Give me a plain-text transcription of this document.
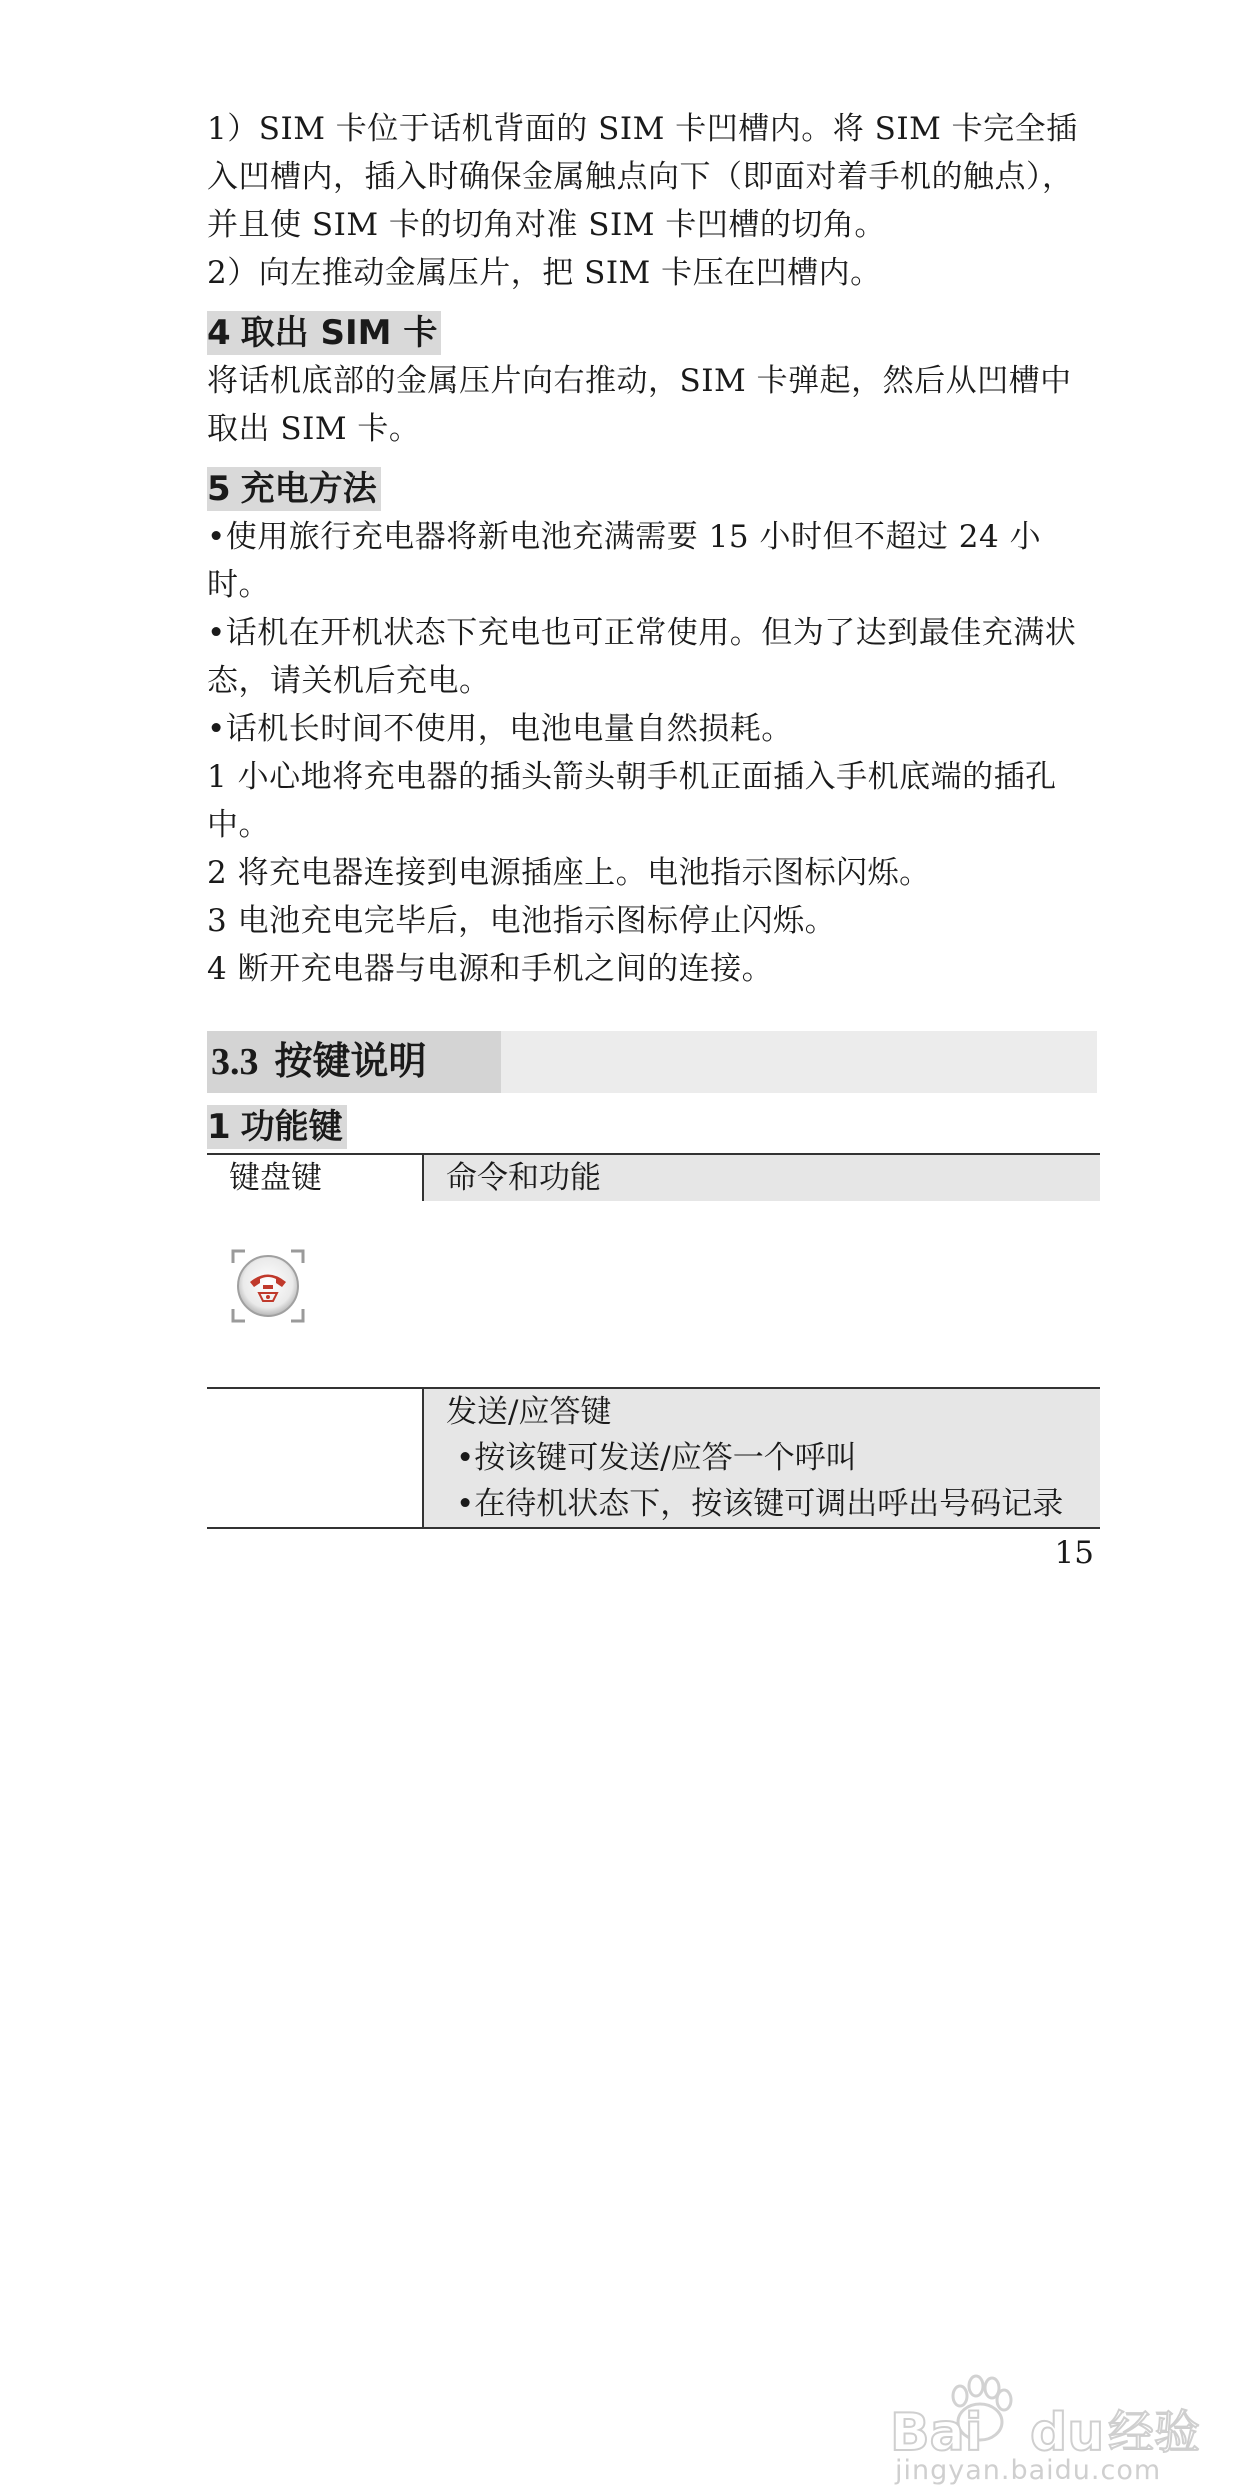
1）SIM 卡位于话机背面的 SIM 卡凹槽内。将 SIM 卡完全插入凹槽内，插入时确保金属触点向下（即面对着手机的触点），并且使 SIM 卡的切角对准 SIM 卡凹槽的切角。

2）向左推动金属压片，把 SIM 卡压在凹槽内。

4 取出 SIM 卡

将话机底部的金属压片向右推动，SIM 卡弹起，然后从凹槽中取出 SIM 卡。

5 充电方法

•使用旅行充电器将新电池充满需要 15 小时但不超过 24 小时。

•话机在开机状态下充电也可正常使用。但为了达到最佳充满状态，请关机后充电。

•话机长时间不使用，电池电量自然损耗。

1 小心地将充电器的插头箭头朝手机正面插入手机底端的插孔中。

2 将充电器连接到电源插座上。电池指示图标闪烁。

3 电池充电完毕后，电池指示图标停止闪烁。

4 断开充电器与电源和手机之间的连接。

3.3 按键说明
1 功能键
键盘键	命令和功能

	发送/应答键
•按该键可发送/应答一个呼叫
•在待机状态下，按该键可调出呼出号码记录
15
Bai du 经验
jingyan.baidu.com
